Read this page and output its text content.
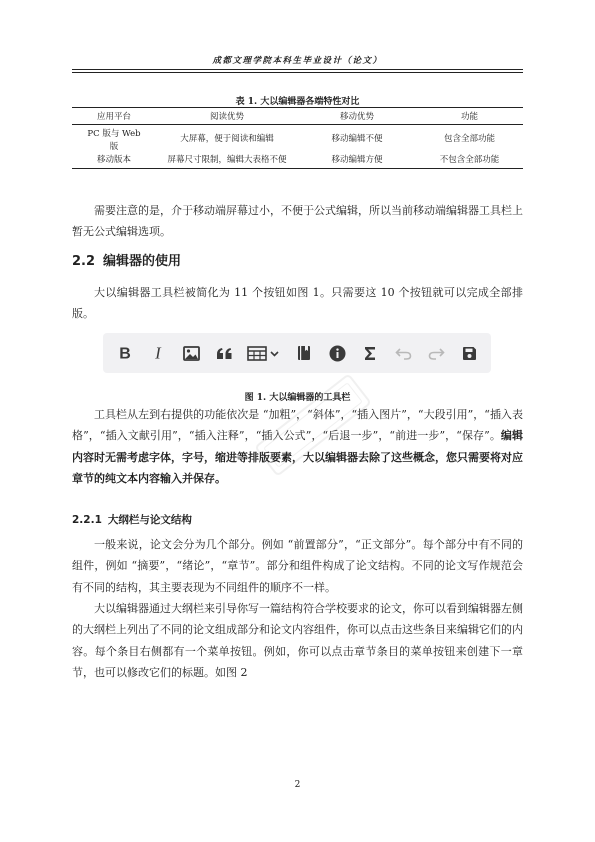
成都文理学院本科生毕业设计（论文）
表 1. 大以编辑器各端特性对比
应用平台	阅读优势	移动优势	功能
PC 版与 Web
版	大屏幕，便于阅读和编辑	移动编辑不便	包含全部功能
移动版本	屏幕尺寸限制，编辑大表格不便	移动编辑方便	不包含全部功能

需要注意的是，介于移动端屏幕过小，不便于公式编辑，所以当前移动端编辑器工具栏上暂无公式编辑选项。

2.2 编辑器的使用

大以编辑器工具栏被简化为 11 个按钮如图 1。只需要这 10 个按钮就可以完成全部排版。

B I
图 1. 大以编辑器的工具栏

工具栏从左到右提供的功能依次是 “加粗”，“斜体”，“插入图片”，“大段引用”，“插入表格”，“插入文献引用”，“插入注释”，“插入公式”，“后退一步”，“前进一步”，“保存”。编辑内容时无需考虑字体，字号，缩进等排版要素，大以编辑器去除了这些概念，您只需要将对应章节的纯文本内容输入并保存。

2.2.1 大纲栏与论文结构

一般来说，论文会分为几个部分。例如 “前置部分”，“正文部分”。每个部分中有不同的组件，例如 “摘要”，“绪论”，“章节”。部分和组件构成了论文结构。不同的论文写作规范会有不同的结构，其主要表现为不同组件的顺序不一样。

大以编辑器通过大纲栏来引导你写一篇结构符合学校要求的论文，你可以看到编辑器左侧的大纲栏上列出了不同的论文组成部分和论文内容组件，你可以点击这些条目来编辑它们的内容。每个条目右侧都有一个菜单按钮。例如，你可以点击章节条目的菜单按钮来创建下一章节，也可以修改它们的标题。如图 2

2
